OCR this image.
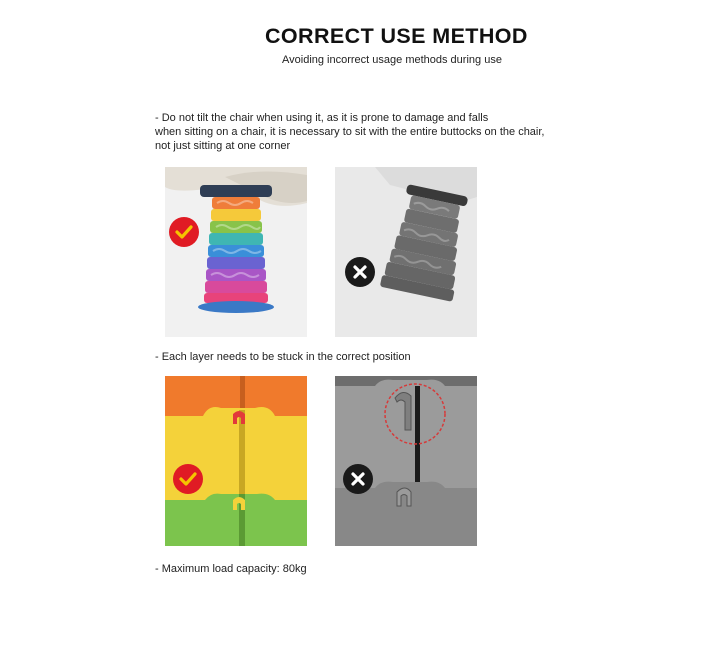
CORRECT USE METHOD
Avoiding incorrect usage methods during use
- Do not tilt the chair when using it, as it is prone to damage and falls
when sitting on a chair, it is necessary to sit with the entire buttocks on the chair,
not just sitting at one corner
- Each layer needs to be stuck in the correct position
- Maximum load capacity: 80kg
